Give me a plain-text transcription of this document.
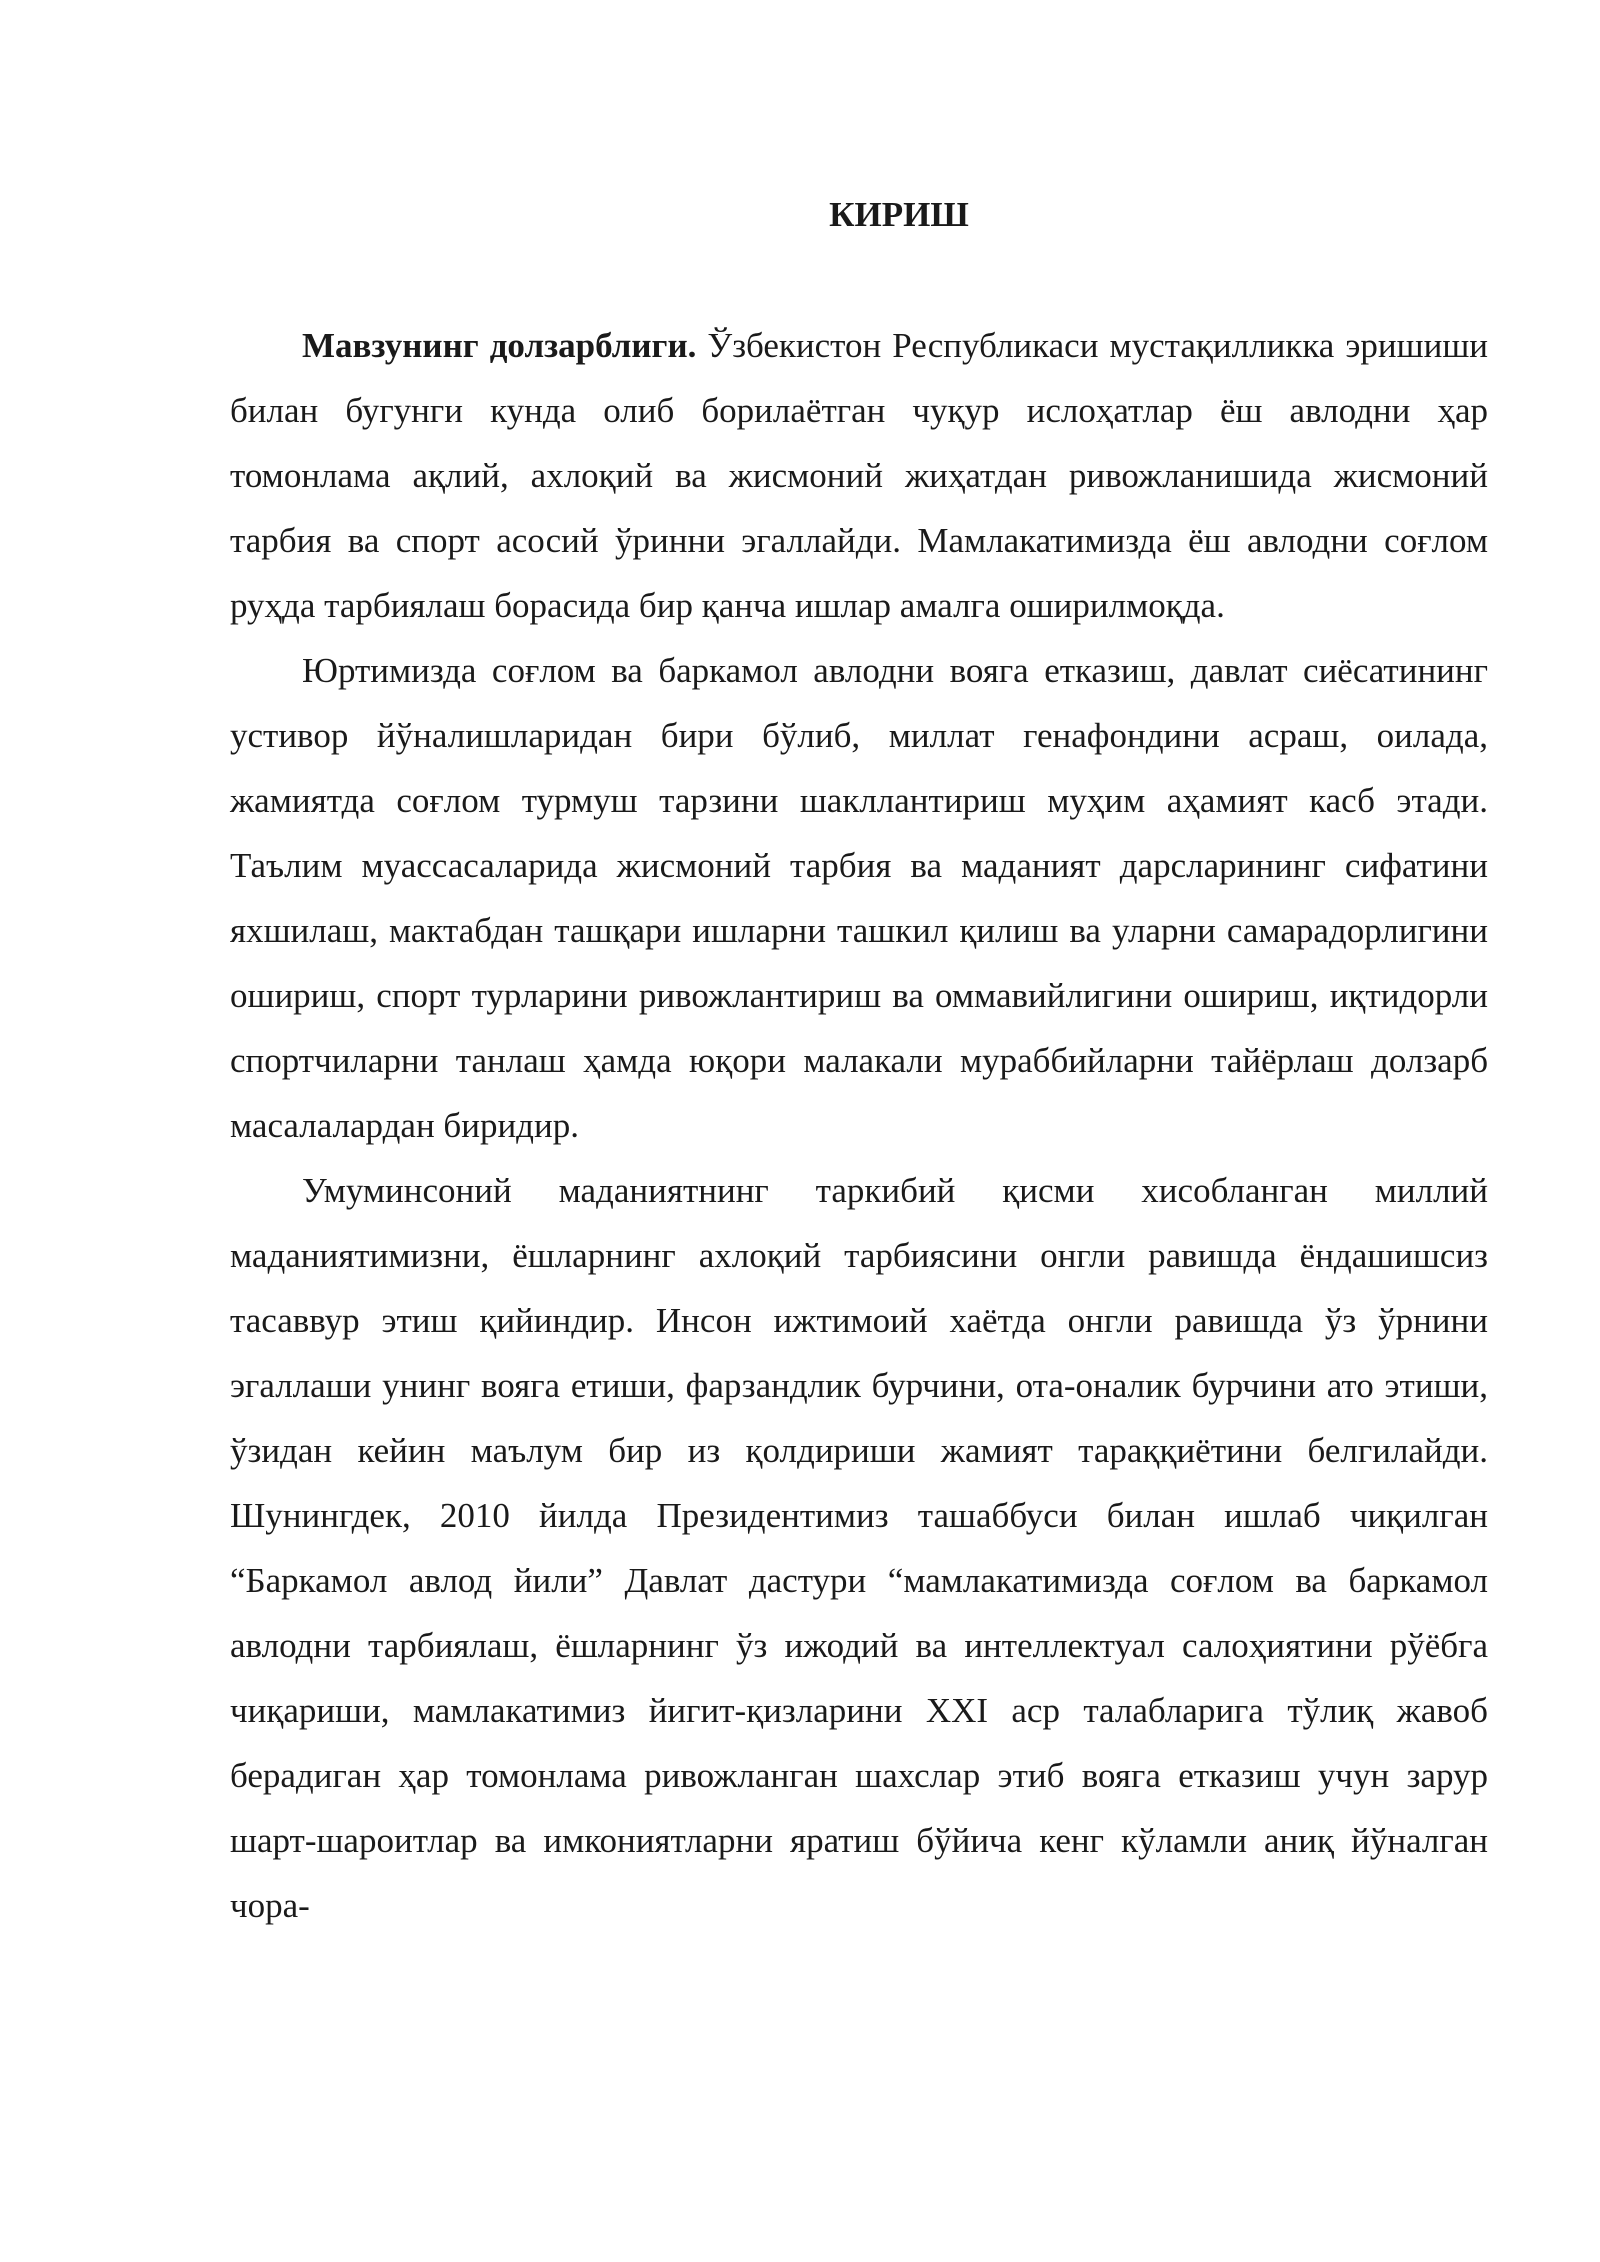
КИРИШ

Мавзунинг долзарблиги. Ўзбекистон Республикаси мустақилликка эришиши билан бугунги кунда олиб борилаётган чуқур ислоҳатлар ёш авлодни ҳар томонлама ақлий, ахлоқий ва жисмоний жиҳатдан ривожланишида жисмоний тарбия ва спорт асосий ўринни эгаллайди. Мамлакатимизда ёш авлодни соғлом руҳда тарбиялаш борасида бир қанча ишлар амалга оширилмоқда.

Юртимизда соғлом ва баркамол авлодни вояга етказиш, давлат сиёсатининг устивор йўналишларидан бири бўлиб, миллат генафондини асраш, оилада, жамиятда соғлом турмуш тарзини шакллантириш муҳим аҳамият касб этади. Таълим муассасаларида жисмоний тарбия ва маданият дарсларининг сифатини яхшилаш, мактабдан ташқари ишларни ташкил қилиш ва уларни самарадорлигини ошириш, спорт турларини ривожлантириш ва оммавийлигини ошириш, иқтидорли спортчиларни танлаш ҳамда юқори малакали мураббийларни тайёрлаш долзарб масалалардан биридир.

Умуминсоний маданиятнинг таркибий қисми хисобланган миллий маданиятимизни, ёшларнинг ахлоқий тарбиясини онгли равишда ёндашишсиз тасаввур этиш қийиндир. Инсон ижтимоий хаётда онгли равишда ўз ўрнини эгаллаши унинг вояга етиши, фарзандлик бурчини, ота-оналик бурчини ато этиши, ўзидан кейин маълум бир из қолдириши жамият тараққиётини белгилайди. Шунингдек, 2010 йилда Президентимиз ташаббуси билан ишлаб чиқилган “Баркамол авлод йили” Давлат дастури “мамлакатимизда соғлом ва баркамол авлодни тарбиялаш, ёшларнинг ўз ижодий ва интеллектуал салоҳиятини рўёбга чиқариши, мамлакатимиз йигит-қизларини XXI аср талабларига тўлиқ жавоб берадиган ҳар томонлама ривожланган шахслар этиб вояга етказиш учун зарур шарт-шароитлар ва имкониятларни яратиш бўйича кенг кўламли аниқ йўналган чора-
